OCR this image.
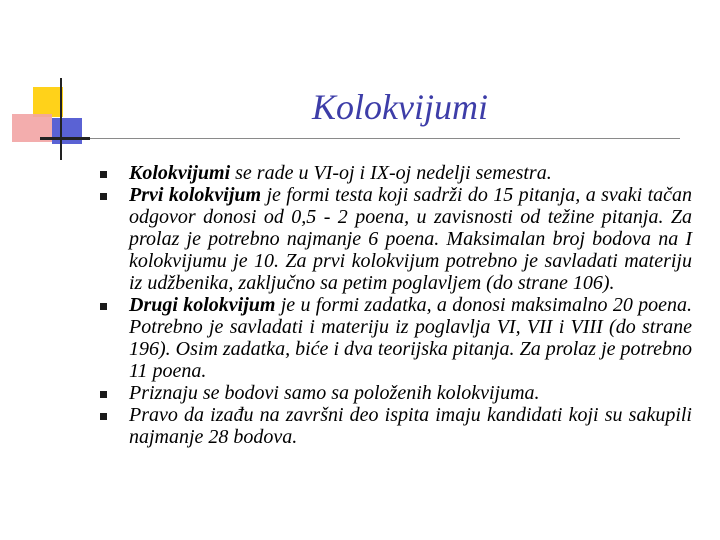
Kolokvijumi
Kolokvijumi se rade u VI-oj i IX-oj nedelji semestra.
Prvi kolokvijum je formi testa koji sadrži do 15 pitanja, a svaki tačan odgovor donosi od 0,5 - 2 poena, u zavisnosti od težine pitanja. Za prolaz je potrebno najmanje 6 poena. Maksimalan broj bodova na I kolokvijumu je 10. Za prvi kolokvijum potrebno je savladati materiju iz udžbenika, zaključno sa petim poglavljem (do strane 106).
Drugi kolokvijum je u formi zadatka, a donosi maksimalno 20 poena. Potrebno je savladati i materiju iz poglavlja VI, VII i VIII (do strane 196). Osim zadatka, biće i dva teorijska pitanja. Za prolaz je potrebno 11 poena.
Priznaju se bodovi samo sa položenih kolokvijuma.
Pravo da izađu na završni deo ispita imaju kandidati koji su sakupili najmanje 28 bodova.
